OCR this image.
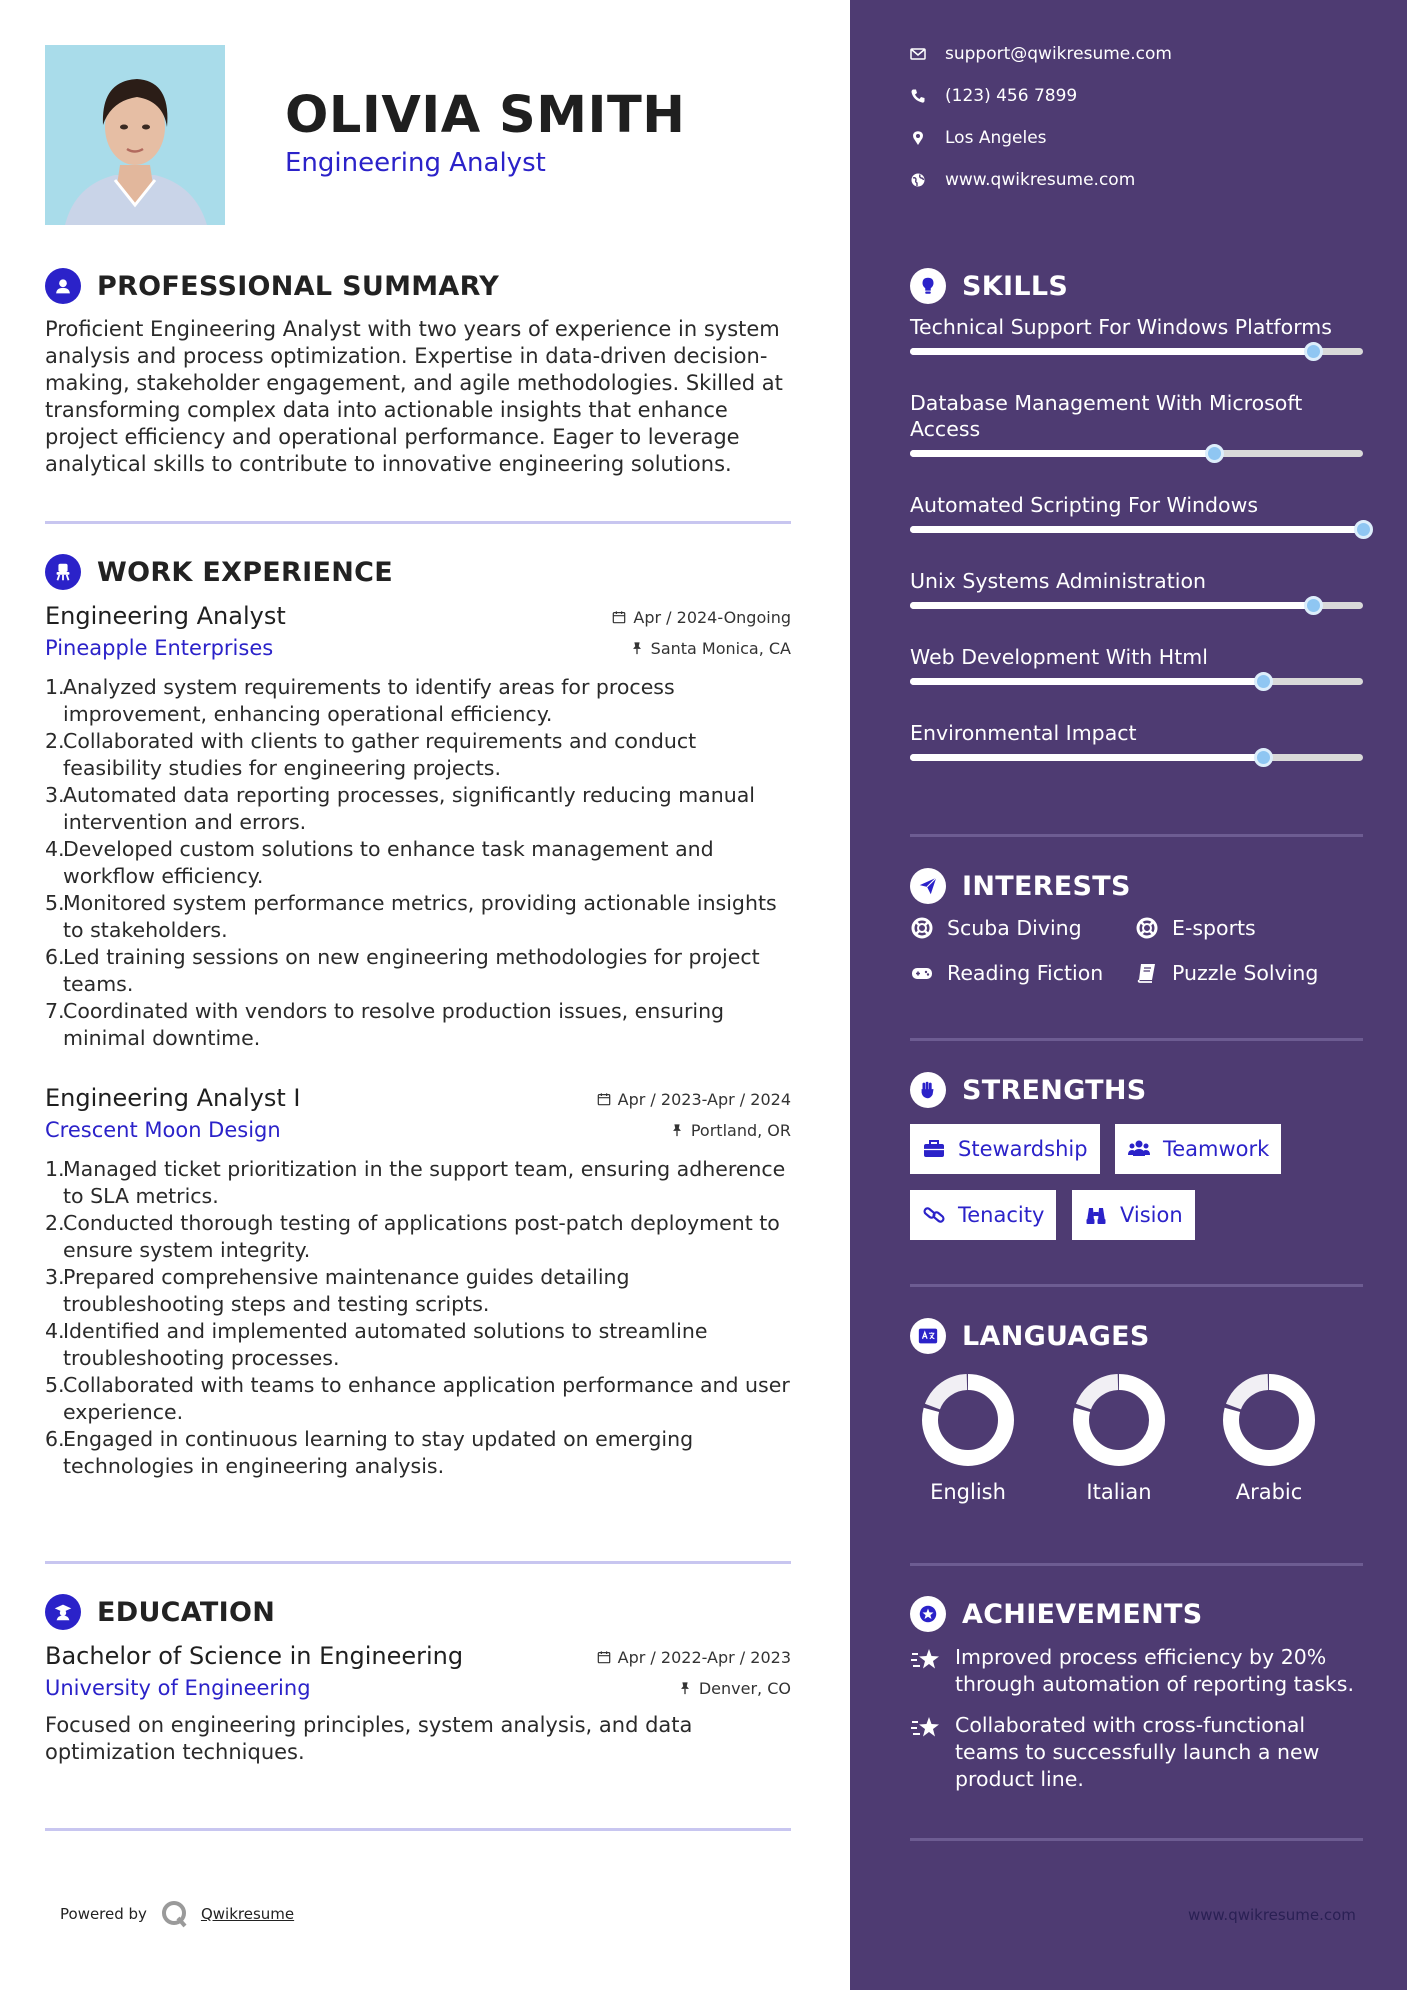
OLIVIA SMITH
Engineering Analyst
PROFESSIONAL SUMMARY
Proficient Engineering Analyst with two years of experience in system analysis and process optimization. Expertise in data-driven decision-making, stakeholder engagement, and agile methodologies. Skilled at transforming complex data into actionable insights that enhance project efficiency and operational performance. Eager to leverage analytical skills to contribute to innovative engineering solutions.
WORK EXPERIENCE
Engineering Analyst	Apr / 2024-Ongoing
Pineapple Enterprises	Santa Monica, CA
1.
Analyzed system requirements to identify areas for process improvement, enhancing operational efficiency.
2.
Collaborated with clients to gather requirements and conduct feasibility studies for engineering projects.
3.
Automated data reporting processes, significantly reducing manual intervention and errors.
4.
Developed custom solutions to enhance task management and workflow efficiency.
5.
Monitored system performance metrics, providing actionable insights to stakeholders.
6.
Led training sessions on new engineering methodologies for project teams.
7.
Coordinated with vendors to resolve production issues, ensuring minimal downtime.
Engineering Analyst I	Apr / 2023-Apr / 2024
Crescent Moon Design	Portland, OR
1.
Managed ticket prioritization in the support team, ensuring adherence to SLA metrics.
2.
Conducted thorough testing of applications post-patch deployment to ensure system integrity.
3.
Prepared comprehensive maintenance guides detailing troubleshooting steps and testing scripts.
4.
Identified and implemented automated solutions to streamline troubleshooting processes.
5.
Collaborated with teams to enhance application performance and user experience.
6.
Engaged in continuous learning to stay updated on emerging technologies in engineering analysis.
EDUCATION
Bachelor of Science in Engineering	Apr / 2022-Apr / 2023
University of Engineering	Denver, CO
Focused on engineering principles, system analysis, and data optimization techniques.
Powered by	Qwikresume
support@qwikresume.com
(123) 456 7899
Los Angeles
www.qwikresume.com
SKILLS
Technical Support For Windows Platforms
Database Management With Microsoft Access
Automated Scripting For Windows
Unix Systems Administration
Web Development With Html
Environmental Impact
INTERESTS
Scuba Diving	E-sports
Reading Fiction	Puzzle Solving
STRENGTHS
Stewardship	Teamwork
Tenacity	Vision
LANGUAGES
English	Italian	Arabic
ACHIEVEMENTS
Improved process efficiency by 20% through automation of reporting tasks.
Collaborated with cross-functional teams to successfully launch a new product line.
www.qwikresume.com
